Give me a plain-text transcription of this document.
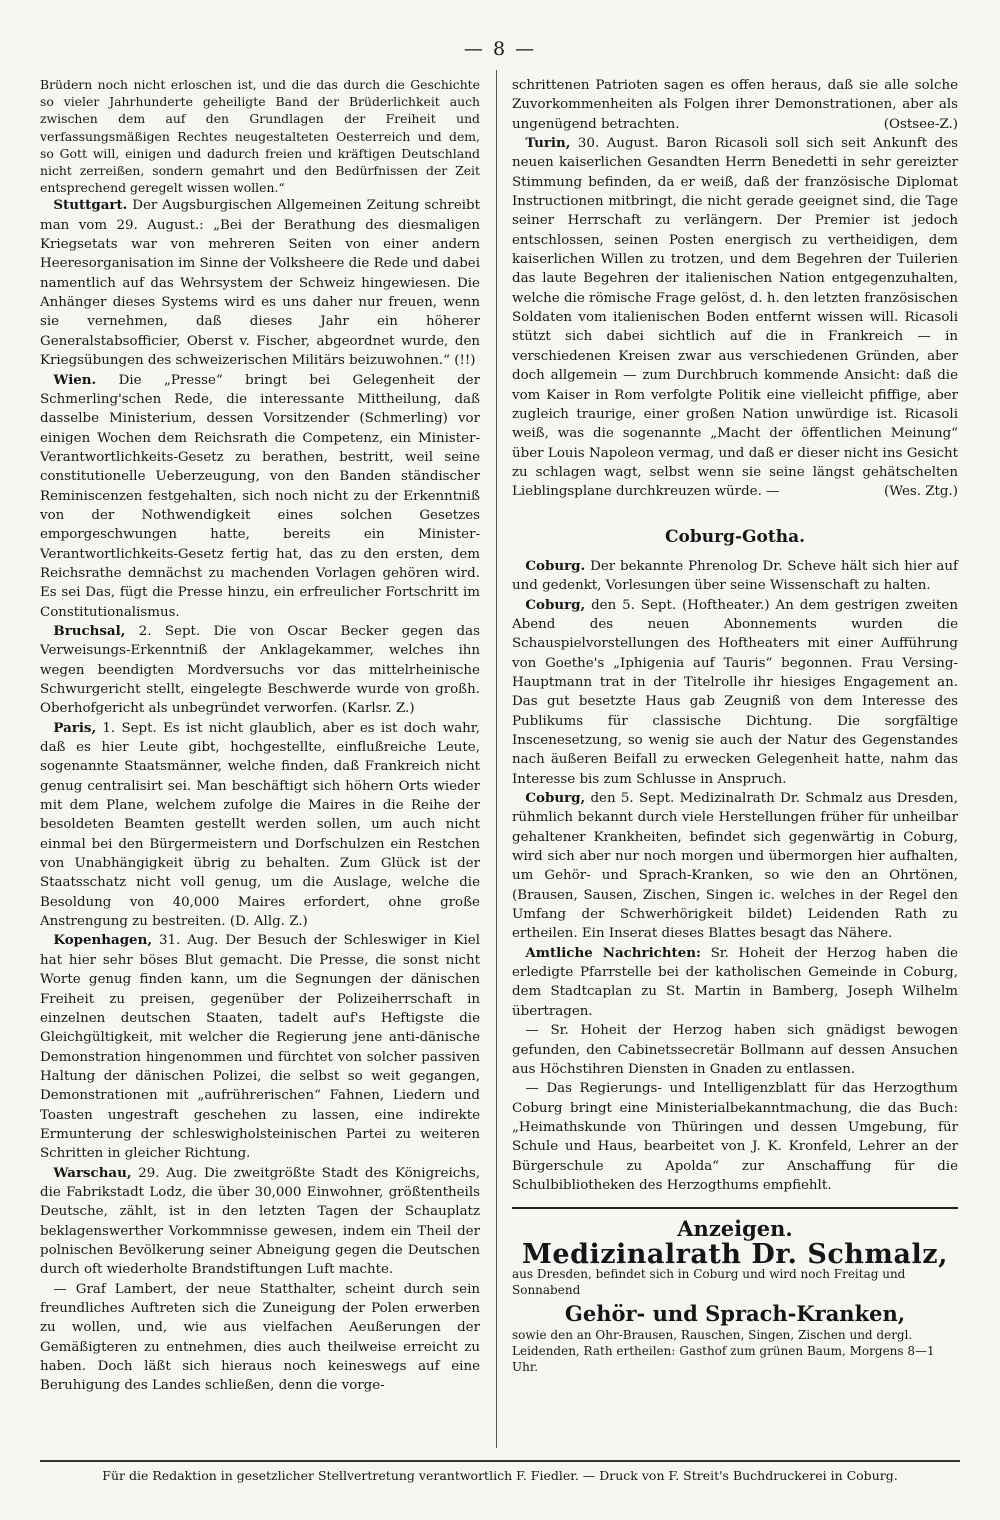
— 8 —

Brüdern noch nicht erloschen ist, und die das durch die Geschichte so vieler Jahrhunderte geheiligte Band der Brüderlichkeit auch zwischen dem auf den Grundlagen der Freiheit und verfassungsmäßigen Rechtes neugestalteten Oesterreich und dem, so Gott will, einigen und dadurch freien und kräftigen Deutschland nicht zerreißen, sondern gemahrt und den Bedürfnissen der Zeit entsprechend geregelt wissen wollen.“

 Stuttgart. Der Augsburgischen Allgemeinen Zeitung schreibt man vom 29. August.: „Bei der Berathung des diesmaligen Kriegsetats war von mehreren Seiten von einer andern Heeresorganisation im Sinne der Volksheere die Rede und dabei namentlich auf das Wehrsystem der Schweiz hingewiesen. Die Anhänger dieses Systems wird es uns daher nur freuen, wenn sie vernehmen, daß dieses Jahr ein höherer Generalstabsofficier, Oberst v. Fischer, abgeordnet wurde, den Kriegsübungen des schweizerischen Militärs beizuwohnen.“ (!!)

 Wien. Die „Presse“ bringt bei Gelegenheit der Schmerling'schen Rede, die interessante Mittheilung, daß dasselbe Ministerium, dessen Vorsitzender (Schmerling) vor einigen Wochen dem Reichsrath die Competenz, ein Minister-Verantwortlichkeits-Gesetz zu berathen, bestritt, weil seine constitutionelle Ueberzeugung, von den Banden ständischer Reminiscenzen festgehalten, sich noch nicht zu der Erkenntniß von der Nothwendigkeit eines solchen Gesetzes emporgeschwungen hatte, bereits ein Minister-Verantwortlichkeits-Gesetz fertig hat, das zu den ersten, dem Reichsrathe demnächst zu machenden Vorlagen gehören wird. Es sei Das, fügt die Presse hinzu, ein erfreulicher Fortschritt im Constitutionalismus.

 Bruchsal, 2. Sept. Die von Oscar Becker gegen das Verweisungs-Erkenntniß der Anklagekammer, welches ihn wegen beendigten Mordversuchs vor das mittelrheinische Schwurgericht stellt, eingelegte Beschwerde wurde von großh. Oberhofgericht als unbegründet verworfen. (Karlsr. Z.)

 Paris, 1. Sept. Es ist nicht glaublich, aber es ist doch wahr, daß es hier Leute gibt, hochgestellte, einflußreiche Leute, sogenannte Staatsmänner, welche finden, daß Frankreich nicht genug centralisirt sei. Man beschäftigt sich höhern Orts wieder mit dem Plane, welchem zufolge die Maires in die Reihe der besoldeten Beamten gestellt werden sollen, um auch nicht einmal bei den Bürgermeistern und Dorfschulzen ein Restchen von Unabhängigkeit übrig zu behalten. Zum Glück ist der Staatsschatz nicht voll genug, um die Auslage, welche die Besoldung von 40,000 Maires erfordert, ohne große Anstrengung zu bestreiten. (D. Allg. Z.)

 Kopenhagen, 31. Aug. Der Besuch der Schleswiger in Kiel hat hier sehr böses Blut gemacht. Die Presse, die sonst nicht Worte genug finden kann, um die Segnungen der dänischen Freiheit zu preisen, gegenüber der Polizeiherrschaft in einzelnen deutschen Staaten, tadelt auf's Heftigste die Gleichgültigkeit, mit welcher die Regierung jene anti-dänische Demonstration hingenommen und fürchtet von solcher passiven Haltung der dänischen Polizei, die selbst so weit gegangen, Demonstrationen mit „aufrührerischen“ Fahnen, Liedern und Toasten ungestraft geschehen zu lassen, eine indirekte Ermunterung der schleswigholsteinischen Partei zu weiteren Schritten in gleicher Richtung.

 Warschau, 29. Aug. Die zweitgrößte Stadt des Königreichs, die Fabrikstadt Lodz, die über 30,000 Einwohner, größtentheils Deutsche, zählt, ist in den letzten Tagen der Schauplatz beklagenswerther Vorkommnisse gewesen, indem ein Theil der polnischen Bevölkerung seiner Abneigung gegen die Deutschen durch oft wiederholte Brandstiftungen Luft machte.

 — Graf Lambert, der neue Statthalter, scheint durch sein freundliches Auftreten sich die Zuneigung der Polen erwerben zu wollen, und, wie aus vielfachen Aeußerungen der Gemäßigteren zu entnehmen, dies auch theilweise erreicht zu haben. Doch läßt sich hieraus noch keineswegs auf eine Beruhigung des Landes schließen, denn die vorge-

schrittenen Patrioten sagen es offen heraus, daß sie alle solche Zuvorkommenheiten als Folgen ihrer Demonstrationen, aber als ungenügend betrachten.	(Ostsee-Z.)

 Turin, 30. August. Baron Ricasoli soll sich seit Ankunft des neuen kaiserlichen Gesandten Herrn Benedetti in sehr gereizter Stimmung befinden, da er weiß, daß der französische Diplomat Instructionen mitbringt, die nicht gerade geeignet sind, die Tage seiner Herrschaft zu verlängern. Der Premier ist jedoch entschlossen, seinen Posten energisch zu vertheidigen, dem kaiserlichen Willen zu trotzen, und dem Begehren der Tuilerien das laute Begehren der italienischen Nation entgegenzuhalten, welche die römische Frage gelöst, d. h. den letzten französischen Soldaten vom italienischen Boden entfernt wissen will. Ricasoli stützt sich dabei sichtlich auf die in Frankreich — in verschiedenen Kreisen zwar aus verschiedenen Gründen, aber doch allgemein — zum Durchbruch kommende Ansicht: daß die vom Kaiser in Rom verfolgte Politik eine vielleicht pfiffige, aber zugleich traurige, einer großen Nation unwürdige ist. Ricasoli weiß, was die sogenannte „Macht der öffentlichen Meinung“ über Louis Napoleon vermag, und daß er dieser nicht ins Gesicht zu schlagen wagt, selbst wenn sie seine längst gehätschelten Lieblingsplane durchkreuzen würde. —	(Wes. Ztg.)

Coburg-Gotha.

 Coburg. Der bekannte Phrenolog Dr. Scheve hält sich hier auf und gedenkt, Vorlesungen über seine Wissenschaft zu halten.

 Coburg, den 5. Sept. (Hoftheater.) An dem gestrigen zweiten Abend des neuen Abonnements wurden die Schauspielvorstellungen des Hoftheaters mit einer Aufführung von Goethe's „Iphigenia auf Tauris“ begonnen. Frau Versing-Hauptmann trat in der Titelrolle ihr hiesiges Engagement an. Das gut besetzte Haus gab Zeugniß von dem Interesse des Publikums für classische Dichtung. Die sorgfältige Inscenesetzung, so wenig sie auch der Natur des Gegenstandes nach äußeren Beifall zu erwecken Gelegenheit hatte, nahm das Interesse bis zum Schlusse in Anspruch.

 Coburg, den 5. Sept. Medizinalrath Dr. Schmalz aus Dresden, rühmlich bekannt durch viele Herstellungen früher für unheilbar gehaltener Krankheiten, befindet sich gegenwärtig in Coburg, wird sich aber nur noch morgen und übermorgen hier aufhalten, um Gehör- und Sprach-Kranken, so wie den an Ohrtönen, (Brausen, Sausen, Zischen, Singen ic. welches in der Regel den Umfang der Schwerhörigkeit bildet) Leidenden Rath zu ertheilen. Ein Inserat dieses Blattes besagt das Nähere.

 Amtliche Nachrichten: Sr. Hoheit der Herzog haben die erledigte Pfarrstelle bei der katholischen Gemeinde in Coburg, dem Stadtcaplan zu St. Martin in Bamberg, Joseph Wilhelm übertragen.

 — Sr. Hoheit der Herzog haben sich gnädigst bewogen gefunden, den Cabinetssecretär Bollmann auf dessen Ansuchen aus Höchstihren Diensten in Gnaden zu entlassen.

 — Das Regierungs- und Intelligenzblatt für das Herzogthum Coburg bringt eine Ministerialbekanntmachung, die das Buch: „Heimathskunde von Thüringen und dessen Umgebung, für Schule und Haus, bearbeitet von J. K. Kronfeld, Lehrer an der Bürgerschule zu Apolda“ zur Anschaffung für die Schulbibliotheken des Herzogthums empfiehlt.

Anzeigen.
Medizinalrath Dr. Schmalz,
aus Dresden, befindet sich in Coburg und wird noch Freitag und Sonnabend
Gehör- und Sprach-Kranken,
sowie den an Ohr-Brausen, Rauschen, Singen, Zischen und dergl. Leidenden, Rath ertheilen: Gasthof zum grünen Baum, Morgens 8—1 Uhr.
Für die Redaktion in gesetzlicher Stellvertretung verantwortlich F. Fiedler. — Druck von F. Streit's Buchdruckerei in Coburg.
